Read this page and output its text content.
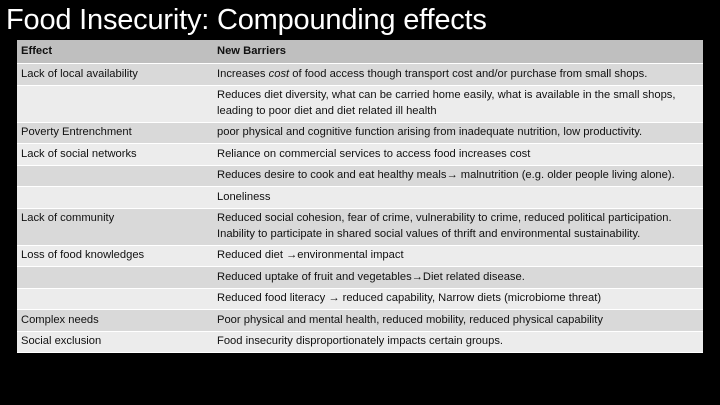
Food Insecurity: Compounding effects
Effect	New Barriers
Lack of local availability	Increases cost of food access though transport cost and/or purchase from small shops.
	Reduces diet diversity, what can be carried home easily, what is available in the small shops, leading to poor diet and diet related ill health
Poverty Entrenchment	poor physical and cognitive function arising from inadequate nutrition, low productivity.
Lack of social networks	Reliance on commercial services to access food increases cost
	Reduces desire to cook and eat healthy meals→ malnutrition (e.g. older people living alone).
	Loneliness
Lack of community	Reduced social cohesion, fear of crime, vulnerability to crime, reduced political participation. Inability to participate in shared social values of thrift and environmental sustainability.
Loss of food knowledges	Reduced diet →environmental impact
	Reduced uptake of fruit and vegetables→Diet related disease.
	Reduced food literacy → reduced capability, Narrow diets (microbiome threat)
Complex needs	Poor physical and mental health, reduced mobility, reduced physical capability
Social exclusion	Food insecurity disproportionately impacts certain groups.
